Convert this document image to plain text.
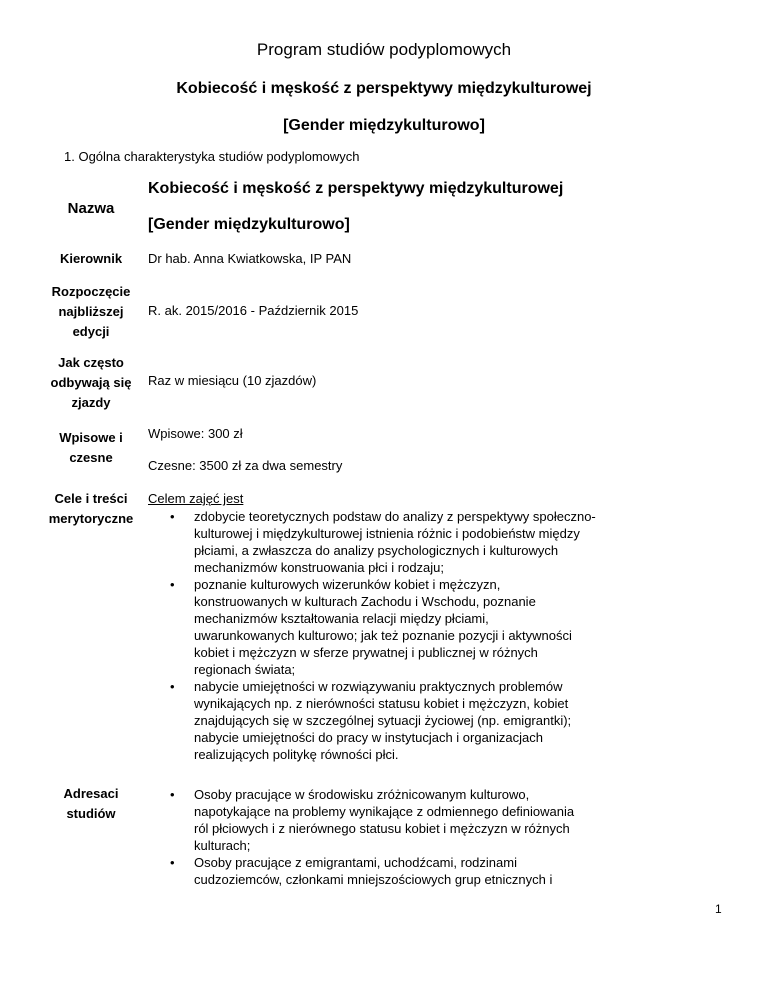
Program studiów podyplomowych
Kobiecość i męskość z perspektywy międzykulturowej
[Gender międzykulturowo]
1. Ogólna charakterystyka studiów podyplomowych
Nazwa
Kobiecość i męskość z perspektywy międzykulturowej
[Gender międzykulturowo]
Kierownik	Dr hab. Anna Kwiatkowska, IP PAN
Rozpoczęcie
najbliższej
edycji
R. ak. 2015/2016 - Październik 2015
Jak często
odbywają się
zjazdy
Raz w miesiącu (10 zjazdów)
Wpisowe i
czesne
Wpisowe: 300 zł
Czesne: 3500 zł za dwa semestry
Cele i treści
merytoryczne
Celem zajęć jest
• zdobycie teoretycznych podstaw do analizy z perspektywy społeczno-
kulturowej i międzykulturowej istnienia różnic i podobieństw między
płciami, a zwłaszcza do analizy psychologicznych i kulturowych
mechanizmów konstruowania płci i rodzaju;
• poznanie kulturowych wizerunków kobiet i mężczyzn,
konstruowanych w kulturach Zachodu i Wschodu, poznanie
mechanizmów kształtowania relacji między płciami,
uwarunkowanych kulturowo; jak też poznanie pozycji i aktywności
kobiet i mężczyzn w sferze prywatnej i publicznej w różnych
regionach świata;
• nabycie umiejętności w rozwiązywaniu praktycznych problemów
wynikających np. z nierówności statusu kobiet i mężczyzn, kobiet
znajdujących się w szczególnej sytuacji życiowej (np. emigrantki);
nabycie umiejętności do pracy w instytucjach i organizacjach
realizujących politykę równości płci.
Adresaci
studiów
• Osoby pracujące w środowisku zróżnicowanym kulturowo,
napotykające na problemy wynikające z odmiennego definiowania
ról płciowych i z nierównego statusu kobiet i mężczyzn w różnych
kulturach;
• Osoby pracujące z emigrantami, uchodźcami, rodzinami
cudzoziemców, członkami mniejszościowych grup etnicznych i
1
